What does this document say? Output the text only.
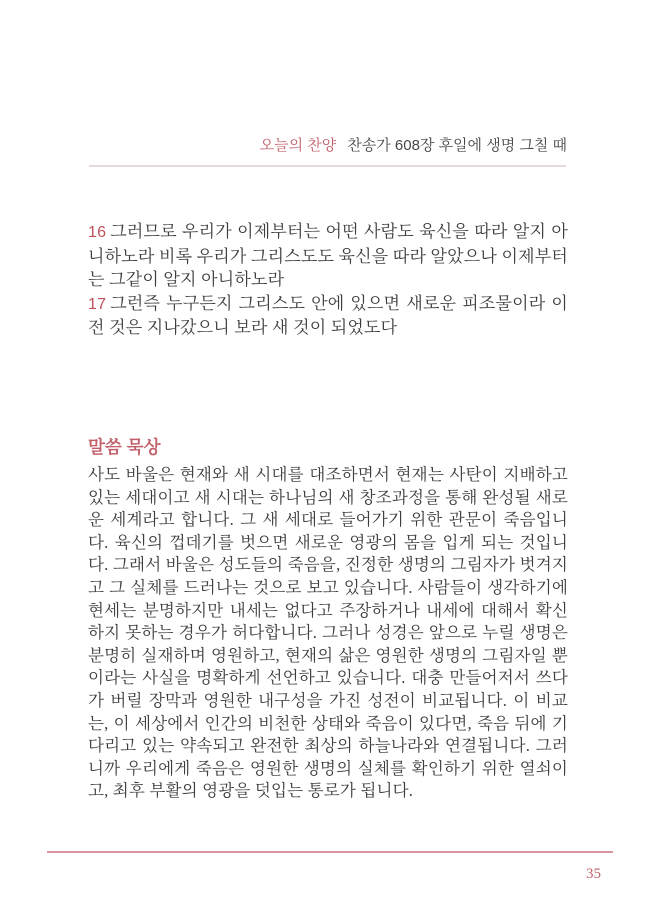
오늘의 찬양 찬송가 608장 후일에 생명 그칠 때

16 그러므로 우리가 이제부터는 어떤 사람도 육신을 따라 알지 아니하노라 비록 우리가 그리스도도 육신을 따라 알았으나 이제부터는 그같이 알지 아니하노라

17 그런즉 누구든지 그리스도 안에 있으면 새로운 피조물이라 이전 것은 지나갔으니 보라 새 것이 되었도다

말씀 묵상
사도 바울은 현재와 새 시대를 대조하면서 현재는 사탄이 지배하고 있는 세대이고 새 시대는 하나님의 새 창조과정을 통해 완성될 새로운 세계라고 합니다. 그 새 세대로 들어가기 위한 관문이 죽음입니다. 육신의 껍데기를 벗으면 새로운 영광의 몸을 입게 되는 것입니다. 그래서 바울은 성도들의 죽음을, 진정한 생명의 그림자가 벗겨지고 그 실체를 드러나는 것으로 보고 있습니다. 사람들이 생각하기에 현세는 분명하지만 내세는 없다고 주장하거나 내세에 대해서 확신하지 못하는 경우가 허다합니다. 그러나 성경은 앞으로 누릴 생명은 분명히 실재하며 영원하고, 현재의 삶은 영원한 생명의 그림자일 뿐이라는 사실을 명확하게 선언하고 있습니다. 대충 만들어저서 쓰다가 버릴 장막과 영원한 내구성을 가진 성전이 비교됩니다. 이 비교는, 이 세상에서 인간의 비천한 상태와 죽음이 있다면, 죽음 뒤에 기다리고 있는 약속되고 완전한 최상의 하늘나라와 연결됩니다. 그러니까 우리에게 죽음은 영원한 생명의 실체를 확인하기 위한 열쇠이고, 최후 부활의 영광을 덧입는 통로가 됩니다.
35
